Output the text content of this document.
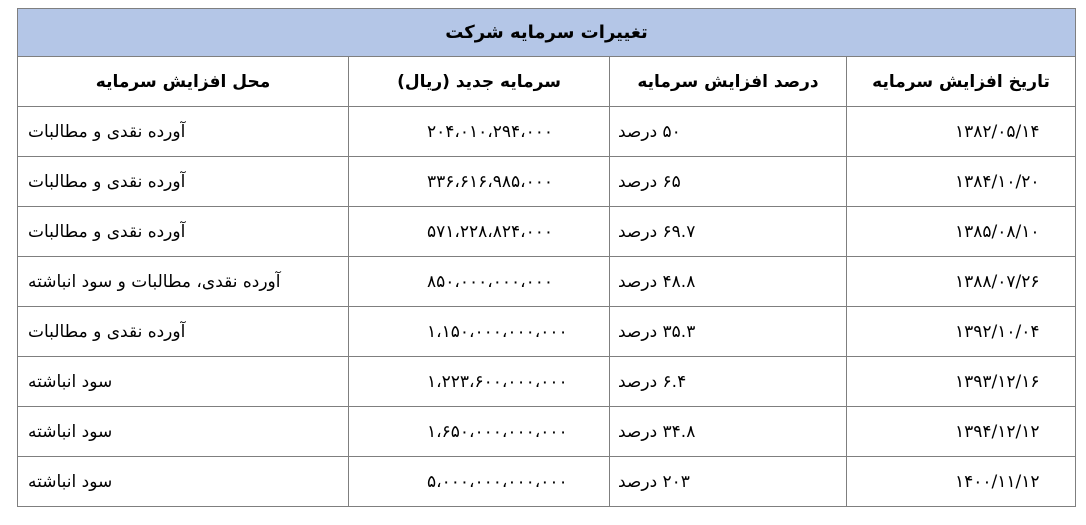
تغییرات سرمایه شرکت			
تاریخ افزایش سرمایه	درصد افزایش سرمایه	سرمایه جدید (ریال)	محل افزایش سرمایه
۱۳۸۲/۰۵/۱۴	۵۰ درصد	۲۰۴،۰۱۰،۲۹۴،۰۰۰	آورده نقدی و مطالبات
۱۳۸۴/۱۰/۲۰	۶۵ درصد	۳۳۶،۶۱۶،۹۸۵،۰۰۰	آورده نقدی و مطالبات
۱۳۸۵/۰۸/۱۰	۶۹.۷ درصد	۵۷۱،۲۲۸،۸۲۴،۰۰۰	آورده نقدی و مطالبات
۱۳۸۸/۰۷/۲۶	۴۸.۸ درصد	۸۵۰،۰۰۰،۰۰۰،۰۰۰	آورده نقدی، مطالبات و سود انباشته
۱۳۹۲/۱۰/۰۴	۳۵.۳ درصد	۱،۱۵۰،۰۰۰،۰۰۰،۰۰۰	آورده نقدی و مطالبات
۱۳۹۳/۱۲/۱۶	۶.۴ درصد	۱،۲۲۳،۶۰۰،۰۰۰،۰۰۰	سود انباشته
۱۳۹۴/۱۲/۱۲	۳۴.۸ درصد	۱،۶۵۰،۰۰۰،۰۰۰،۰۰۰	سود انباشته
۱۴۰۰/۱۱/۱۲	۲۰۳ درصد	۵،۰۰۰،۰۰۰،۰۰۰،۰۰۰	سود انباشته
